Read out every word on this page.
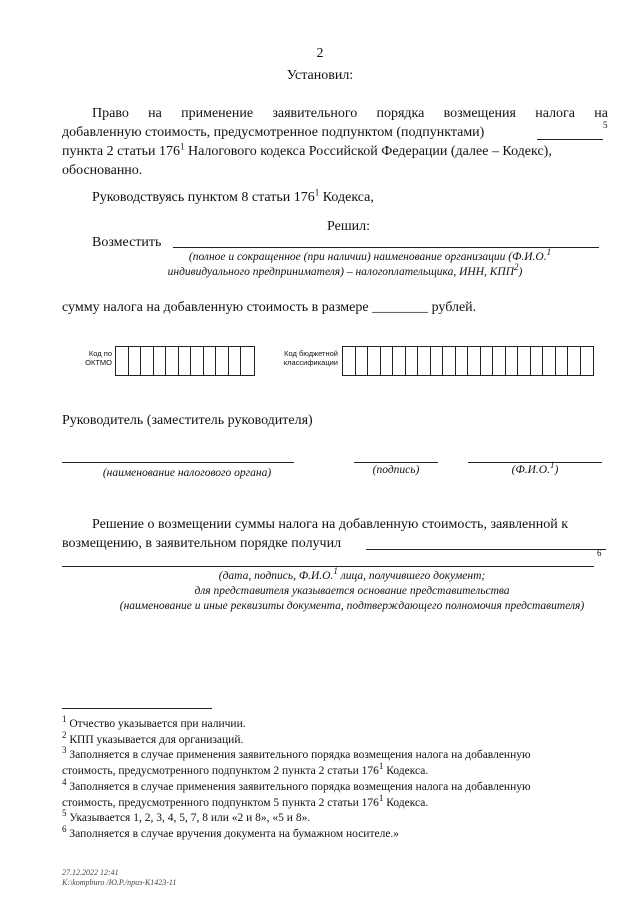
2
Установил:
Право на применение заявительного порядка возмещения налога на
добавленную стоимость, предусмотренное подпунктом (подпунктами)	5
пункта 2 статьи $176^1$ Налогового кодекса Российской Федерации (далее – Кодекс),
обоснованно.
Руководствуясь пунктом 8 статьи $176^1$ Кодекса,
Решил:
Возместить
(полное и сокращенное (при наличии) наименование организации (Ф.И.О.$^1$
индивидуального предпринимателя) – налогоплательщика, ИНН, КПП$^2$)
сумму налога на добавленную стоимость в размере ________ рублей.
Код по
ОКТМО
Код бюджетной
классификации
Руководитель (заместитель руководителя)
(наименование налогового органа)	(подпись)	(Ф.И.О.$^1$)
Решение о возмещении суммы налога на добавленную стоимость, заявленной к
возмещению, в заявительном порядке получил
6
(дата, подпись, Ф.И.О.$^1$ лица, получившего документ;
для представителя указывается основание представительства
(наименование и иные реквизиты документа, подтверждающего полномочия представителя)
$^1$ Отчество указывается при наличии.
$^2$ КПП указывается для организаций.
$^3$ Заполняется в случае применения заявительного порядка возмещения налога на добавленную
стоимость, предусмотренного подпунктом 2 пункта 2 статьи $176^1$ Кодекса.
$^4$ Заполняется в случае применения заявительного порядка возмещения налога на добавленную
стоимость, предусмотренного подпунктом 5 пункта 2 статьи $176^1$ Кодекса.
$^5$ Указывается 1, 2, 3, 4, 5, 7, 8 или «2 и 8», «5 и 8».
$^6$ Заполняется в случае вручения документа на бумажном носителе.»
27.12.2022 12:41
K:\kompburo /Ю.Р./приз-К1423-11
